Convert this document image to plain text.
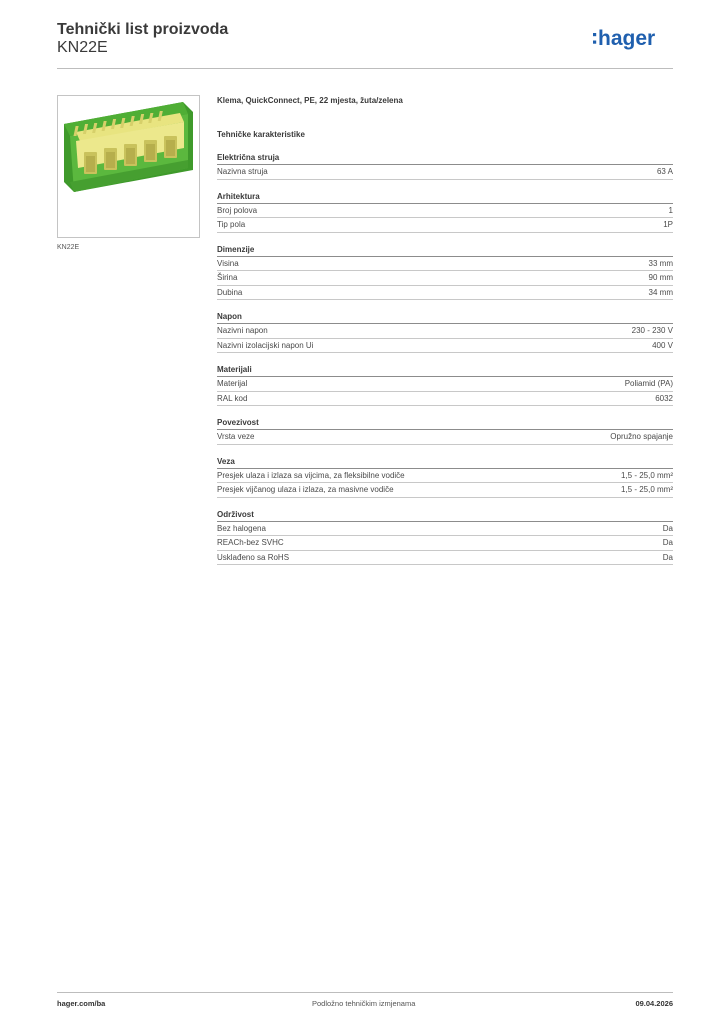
Tehnički list proizvoda
KN22E	hager
KN22E
Klema, QuickConnect, PE, 22 mjesta, žuta/zelena
Tehničke karakteristike
Električna struja
Nazivna struja	63 A
Arhitektura
Broj polova	1
Tip pola	1P
Dimenzije
Visina	33 mm
Širina	90 mm
Dubina	34 mm
Napon
Nazivni napon	230 - 230 V
Nazivni izolacijski napon Ui	400 V
Materijali
Materijal	Poliamid (PA)
RAL kod	6032
Povezivost
Vrsta veze	Opružno spajanje
Veza
Presjek ulaza i izlaza sa vijcima, za fleksibilne vodiče	1,5 - 25,0 mm²
Presjek vijčanog ulaza i izlaza, za masivne vodiče	1,5 - 25,0 mm²
Održivost
Bez halogena	Da
REACh-bez SVHC	Da
Usklađeno sa RoHS	Da
hager.com/ba	Podložno tehničkim izmjenama	09.04.2026
